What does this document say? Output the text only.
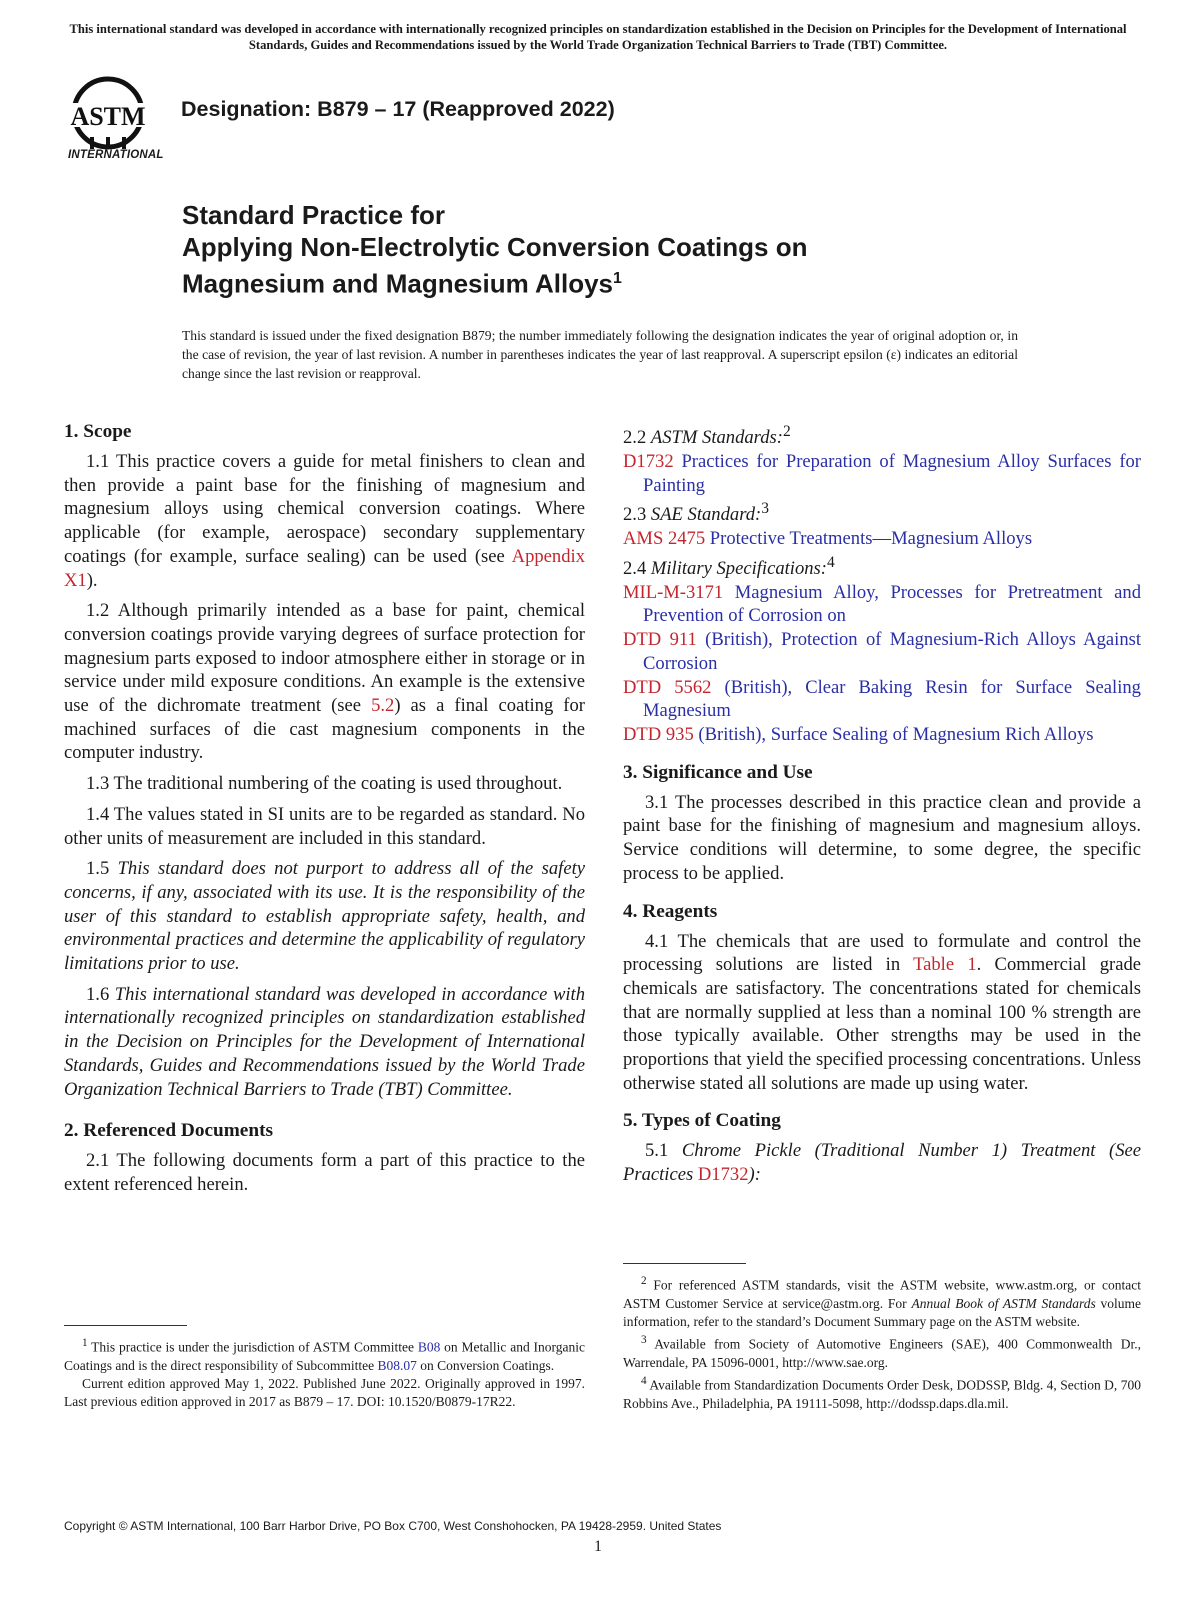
This international standard was developed in accordance with internationally recognized principles on standardization established in the Decision on Principles for the Development of International Standards, Guides and Recommendations issued by the World Trade Organization Technical Barriers to Trade (TBT) Committee.
ASTM
INTERNATIONAL
Designation: B879 – 17 (Reapproved 2022)
Standard Practice for
Applying Non-Electrolytic Conversion Coatings on
Magnesium and Magnesium Alloys$^1$
This standard is issued under the fixed designation B879; the number immediately following the designation indicates the year of original adoption or, in the case of revision, the year of last revision. A number in parentheses indicates the year of last reapproval. A superscript epsilon (ε) indicates an editorial change since the last revision or reapproval.
1. Scope

1.1 This practice covers a guide for metal finishers to clean and then provide a paint base for the finishing of magnesium and magnesium alloys using chemical conversion coatings. Where applicable (for example, aerospace) secondary supplementary coatings (for example, surface sealing) can be used (see Appendix X1).

1.2 Although primarily intended as a base for paint, chemical conversion coatings provide varying degrees of surface protection for magnesium parts exposed to indoor atmosphere either in storage or in service under mild exposure conditions. An example is the extensive use of the dichromate treatment (see 5.2) as a final coating for machined surfaces of die cast magnesium components in the computer industry.

1.3 The traditional numbering of the coating is used throughout.

1.4 The values stated in SI units are to be regarded as standard. No other units of measurement are included in this standard.

1.5 This standard does not purport to address all of the safety concerns, if any, associated with its use. It is the responsibility of the user of this standard to establish appropriate safety, health, and environmental practices and determine the applicability of regulatory limitations prior to use.

1.6 This international standard was developed in accordance with internationally recognized principles on standardization established in the Decision on Principles for the Development of International Standards, Guides and Recommendations issued by the World Trade Organization Technical Barriers to Trade (TBT) Committee.

2. Referenced Documents

2.1 The following documents form a part of this practice to the extent referenced herein.

2.2 ASTM Standards:$^2$

D1732 Practices for Preparation of Magnesium Alloy Surfaces for Painting

2.3 SAE Standard:$^3$

AMS 2475 Protective Treatments—Magnesium Alloys

2.4 Military Specifications:$^4$

MIL-M-3171 Magnesium Alloy, Processes for Pretreatment and Prevention of Corrosion on

DTD 911 (British), Protection of Magnesium-Rich Alloys Against Corrosion

DTD 5562 (British), Clear Baking Resin for Surface Sealing Magnesium

DTD 935 (British), Surface Sealing of Magnesium Rich Alloys

3. Significance and Use

3.1 The processes described in this practice clean and provide a paint base for the finishing of magnesium and magnesium alloys. Service conditions will determine, to some degree, the specific process to be applied.

4. Reagents

4.1 The chemicals that are used to formulate and control the processing solutions are listed in Table 1. Commercial grade chemicals are satisfactory. The concentrations stated for chemicals that are normally supplied at less than a nominal 100 % strength are those typically available. Other strengths may be used in the proportions that yield the specified processing concentrations. Unless otherwise stated all solutions are made up using water.

5. Types of Coating

5.1 Chrome Pickle (Traditional Number 1) Treatment (See Practices D1732):

$^1$ This practice is under the jurisdiction of ASTM Committee B08 on Metallic and Inorganic Coatings and is the direct responsibility of Subcommittee B08.07 on Conversion Coatings.

Current edition approved May 1, 2022. Published June 2022. Originally approved in 1997. Last previous edition approved in 2017 as B879 – 17. DOI: 10.1520/B0879-17R22.

$^2$ For referenced ASTM standards, visit the ASTM website, www.astm.org, or contact ASTM Customer Service at service@astm.org. For Annual Book of ASTM Standards volume information, refer to the standard’s Document Summary page on the ASTM website.

$^3$ Available from Society of Automotive Engineers (SAE), 400 Commonwealth Dr., Warrendale, PA 15096-0001, http://www.sae.org.

$^4$ Available from Standardization Documents Order Desk, DODSSP, Bldg. 4, Section D, 700 Robbins Ave., Philadelphia, PA 19111-5098, http://dodssp.daps.dla.mil.

Copyright © ASTM International, 100 Barr Harbor Drive, PO Box C700, West Conshohocken, PA 19428-2959. United States
1
